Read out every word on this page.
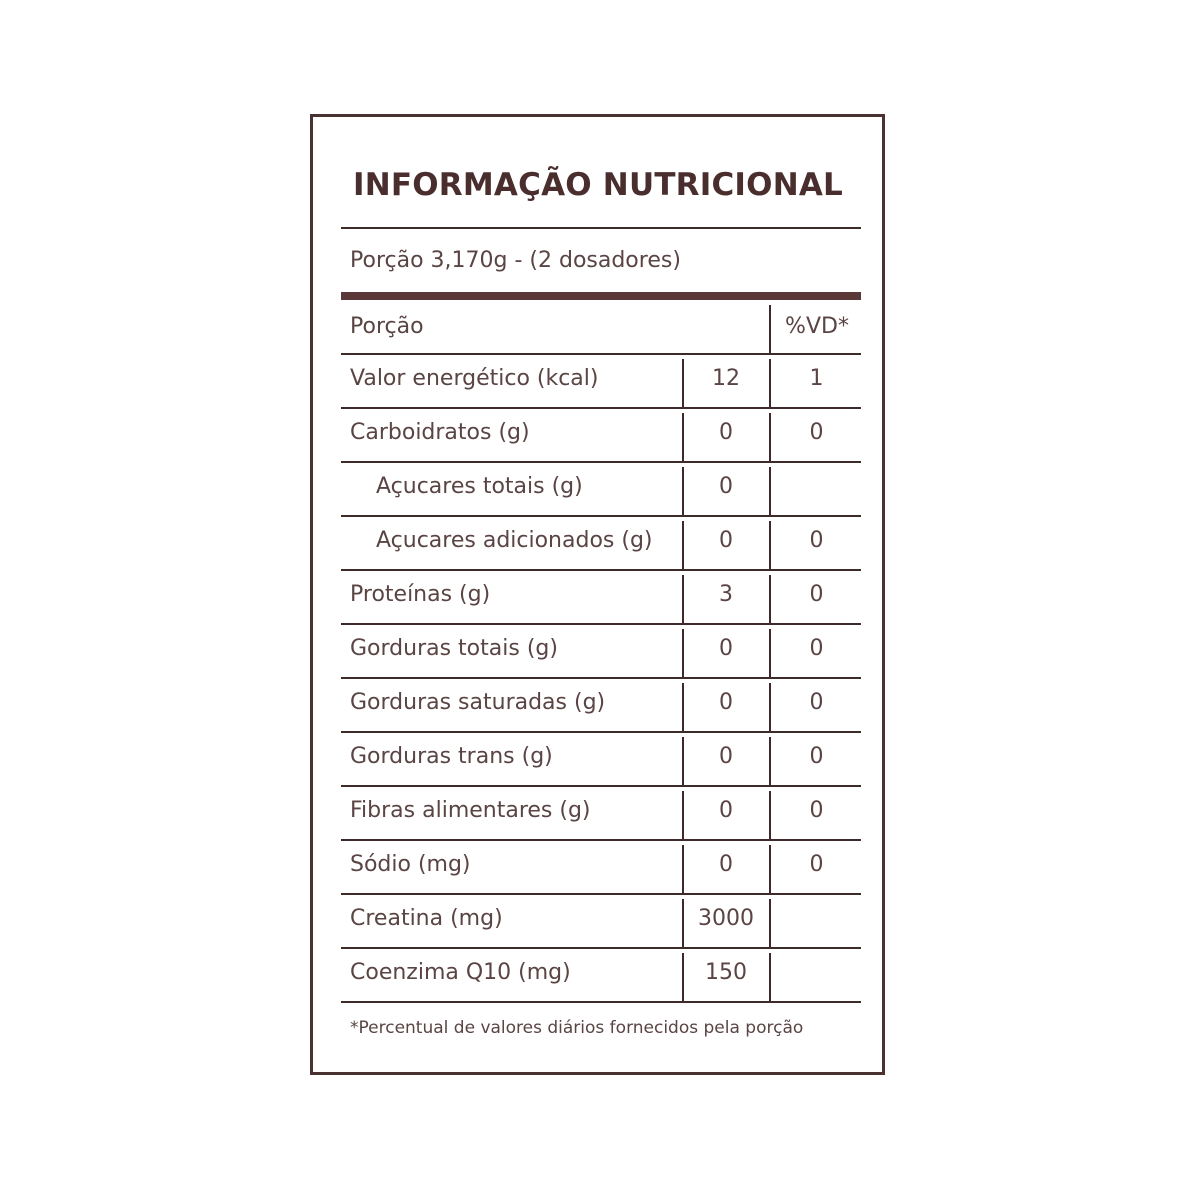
INFORMAÇÃO NUTRICIONAL
Porção 3,170g - (2 dosadores)
Porção	%VD*
Valor energético (kcal)	12	1
Carboidratos (g)	0	0
Açucares totais (g)	0
Açucares adicionados (g)	0	0
Proteínas (g)	3	0
Gorduras totais (g)	0	0
Gorduras saturadas (g)	0	0
Gorduras trans (g)	0	0
Fibras alimentares (g)	0	0
Sódio (mg)	0	0
Creatina (mg)	3000
Coenzima Q10 (mg)	150
*Percentual de valores diários fornecidos pela porção
